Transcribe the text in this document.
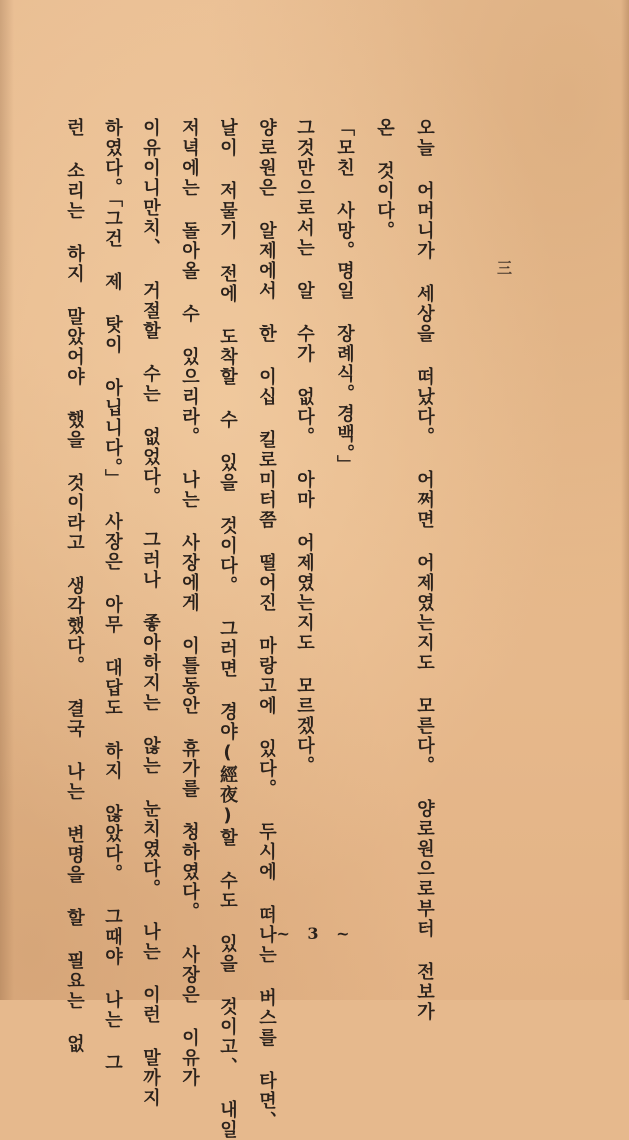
三
오늘 어머니가 세상을 떠났다。 어쩌면 어제였는지도 모른다。 양로원으로부터 전보가
온 것이다。
「모친 사망。명일 장례식。경백。」
그것만으로서는 알 수가 없다。 아마 어제였는지도 모르겠다。
양로원은 알제에서 한 이십 킬로미터쯤 떨어진 마랑고에 있다。 두시에 떠나는 버스를 타면、
날이 저물기 전에 도착할 수 있을 것이다。 그러면 경야(經夜)할 수도 있을 것이고、 내일
저녁에는 돌아올 수 있으리라。 나는 사장에게 이틀동안 휴가를 청하였다。 사장은 이유가
이유이니만치、 거절할 수는 없었다。 그러나 좋아하지는 않는 눈치였다。 나는 이런 말까지
하였다。「그건 제 탓이 아닙니다。」 사장은 아무 대답도 하지 않았다。 그때야 나는 그
런 소리는 하지 말았어야 했을 것이라고 생각했다。 결국 나는 변명을 할 필요는 없	~ 3 ~
